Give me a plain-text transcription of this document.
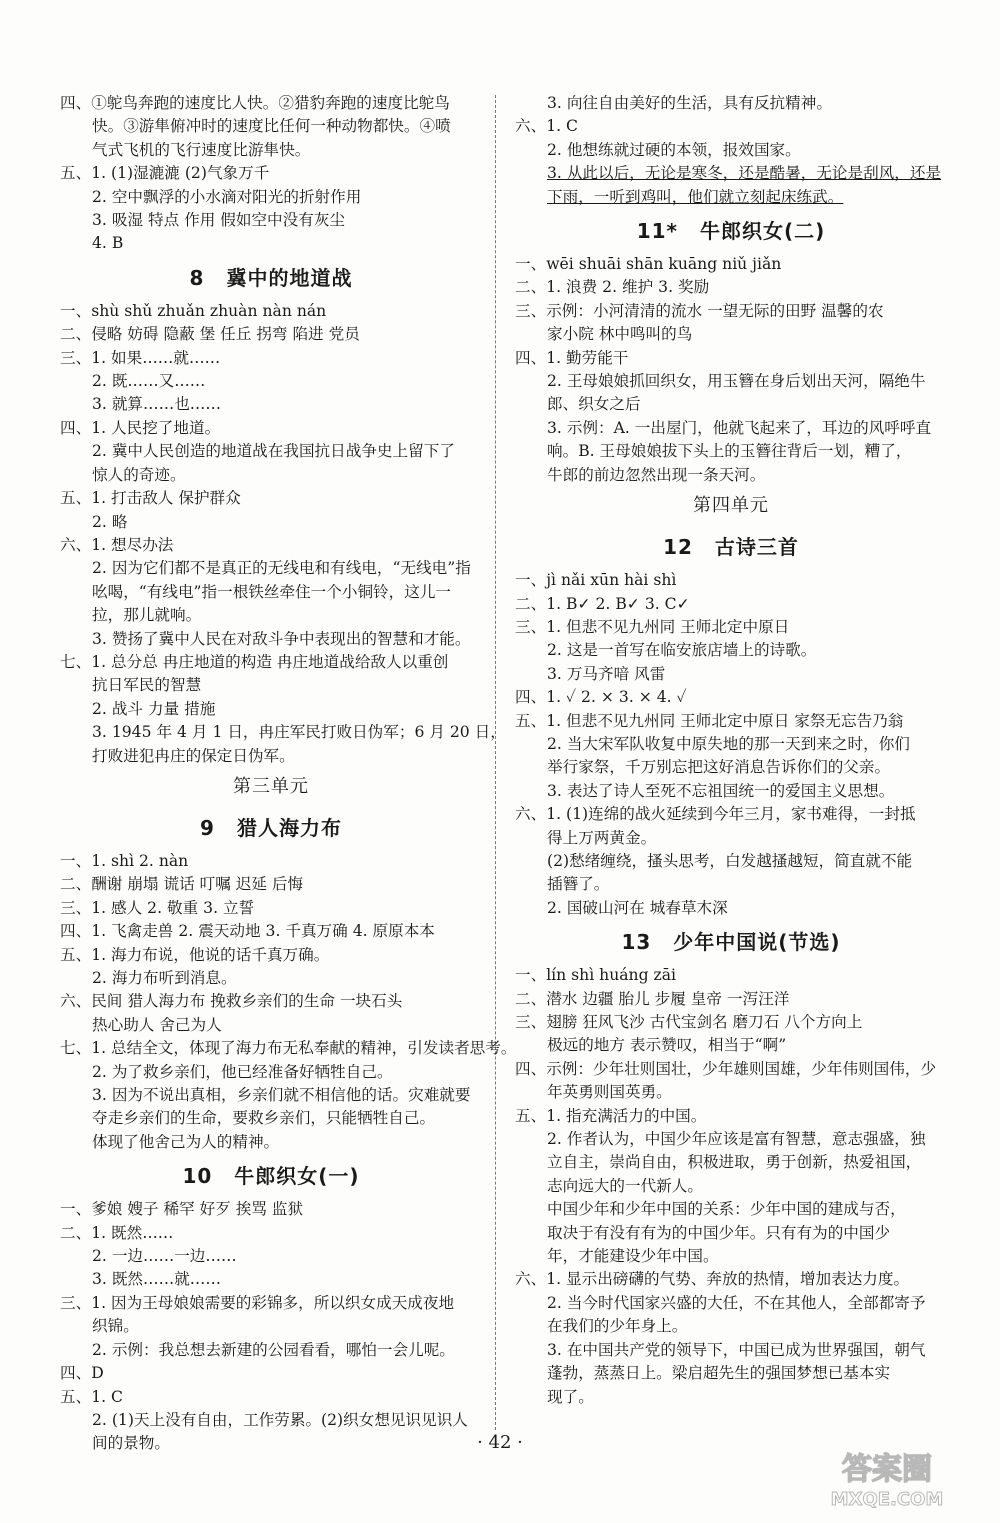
四、①鸵鸟奔跑的速度比人快。②猎豹奔跑的速度比鸵鸟
快。③游隼俯冲时的速度比任何一种动物都快。④喷
气式飞机的飞行速度比游隼快。
五、1. (1)湿漉漉 (2)气象万千
2. 空中飘浮的小水滴对阳光的折射作用
3. 吸湿 特点 作用 假如空中没有灰尘
4. B
8 冀中的地道战
一、shù shǔ zhuǎn zhuàn nàn nán
二、侵略 妨碍 隐蔽 堡 任丘 拐弯 陷进 党员
三、1. 如果……就……
2. 既……又……
3. 就算……也……
四、1. 人民挖了地道。
2. 冀中人民创造的地道战在我国抗日战争史上留下了
惊人的奇迹。
五、1. 打击敌人 保护群众
2. 略
六、1. 想尽办法
2. 因为它们都不是真正的无线电和有线电，“无线电”指
吆喝，“有线电”指一根铁丝牵住一个小铜铃，这儿一
拉，那儿就响。
3. 赞扬了冀中人民在对敌斗争中表现出的智慧和才能。
七、1. 总分总 冉庄地道的构造 冉庄地道战给敌人以重创
抗日军民的智慧
2. 战斗 力量 措施
3. 1945 年 4 月 1 日，冉庄军民打败日伪军；6 月 20 日，
打败进犯冉庄的保定日伪军。
第三单元
9 猎人海力布
一、1. shì 2. nàn
二、酬谢 崩塌 谎话 叮嘱 迟延 后悔
三、1. 感人 2. 敬重 3. 立誓
四、1. 飞禽走兽 2. 震天动地 3. 千真万确 4. 原原本本
五、1. 海力布说，他说的话千真万确。
2. 海力布听到消息。
六、民间 猎人海力布 挽救乡亲们的生命 一块石头
热心助人 舍己为人
七、1. 总结全文，体现了海力布无私奉献的精神，引发读者思考。
2. 为了救乡亲们，他已经准备好牺牲自己。
3. 因为不说出真相，乡亲们就不相信他的话。灾难就要
夺走乡亲们的生命，要救乡亲们，只能牺牲自己。
体现了他舍己为人的精神。
10 牛郎织女(一)
一、爹娘 嫂子 稀罕 好歹 挨骂 监狱
二、1. 既然……
2. 一边……一边……
3. 既然……就……
三、1. 因为王母娘娘需要的彩锦多，所以织女成天成夜地
织锦。
2. 示例：我总想去新建的公园看看，哪怕一会儿呢。
四、D
五、1. C
2. (1)天上没有自由，工作劳累。(2)织女想见识见识人
间的景物。
3. 向往自由美好的生活，具有反抗精神。
六、1. C
2. 他想练就过硬的本领，报效国家。
3. 从此以后，无论是寒冬，还是酷暑，无论是刮风，还是
下雨，一听到鸡叫，他们就立刻起床练武。
11* 牛郎织女(二)
一、wēi shuāi shān kuāng niǔ jiǎn
二、1. 浪费 2. 维护 3. 奖励
三、示例：小河清清的流水 一望无际的田野 温馨的农
家小院 林中鸣叫的鸟
四、1. 勤劳能干
2. 王母娘娘抓回织女，用玉簪在身后划出天河，隔绝牛
郎、织女之后
3. 示例：A. 一出屋门，他就飞起来了，耳边的风呼呼直
响。B. 王母娘娘拔下头上的玉簪往背后一划，糟了，
牛郎的前边忽然出现一条天河。
第四单元
12 古诗三首
一、jì nǎi xūn hài shì
二、1. B✓ 2. B✓ 3. C✓
三、1. 但悲不见九州同 王师北定中原日
2. 这是一首写在临安旅店墙上的诗歌。
3. 万马齐喑 风雷
四、1. ✓ 2. × 3. × 4. ✓
五、1. 但悲不见九州同 王师北定中原日 家祭无忘告乃翁
2. 当大宋军队收复中原失地的那一天到来之时，你们
举行家祭，千万别忘把这好消息告诉你们的父亲。
3. 表达了诗人至死不忘祖国统一的爱国主义思想。
六、1. (1)连绵的战火延续到今年三月，家书难得，一封抵
得上万两黄金。
(2)愁绪缠绕，搔头思考，白发越搔越短，简直就不能
插簪了。
2. 国破山河在 城春草木深
13 少年中国说(节选)
一、lín shì huáng zāi
二、潜水 边疆 胎儿 步履 皇帝 一泻汪洋
三、翅膀 狂风飞沙 古代宝剑名 磨刀石 八个方向上
极远的地方 表示赞叹，相当于“啊”
四、示例：少年壮则国壮，少年雄则国雄，少年伟则国伟，少
年英勇则国英勇。
五、1. 指充满活力的中国。
2. 作者认为，中国少年应该是富有智慧，意志强盛，独
立自主，崇尚自由，积极进取，勇于创新，热爱祖国，
志向远大的一代新人。
中国少年和少年中国的关系：少年中国的建成与否，
取决于有没有有为的中国少年。只有有为的中国少
年，才能建设少年中国。
六、1. 显示出磅礴的气势、奔放的热情，增加表达力度。
2. 当今时代国家兴盛的大任，不在其他人，全部都寄予
在我们的少年身上。
3. 在中国共产党的领导下，中国已成为世界强国，朝气
蓬勃，蒸蒸日上。梁启超先生的强国梦想已基本实
现了。
· 42 ·
答案圈
MXQE.COM
